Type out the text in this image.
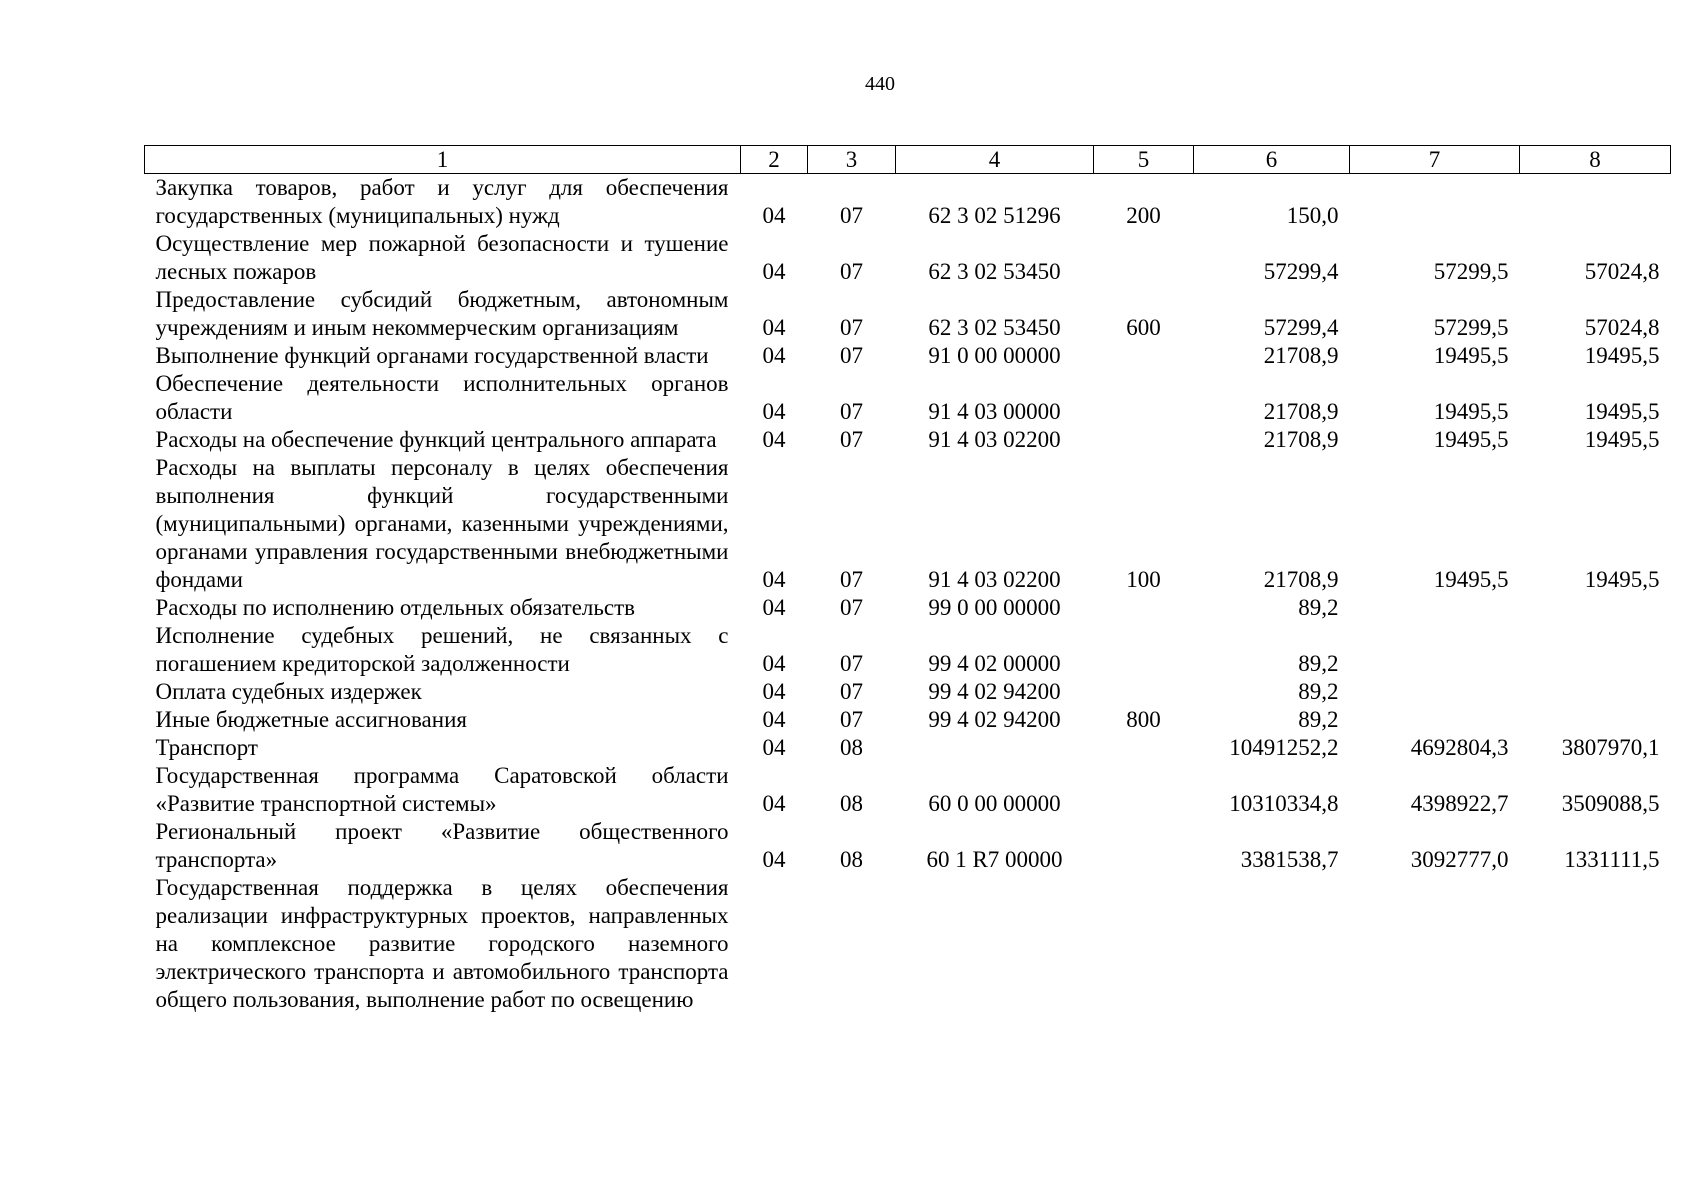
440
1	2	3	4	5	6	7	8
Закупка товаров, работ и услуг для обеспечения государственных (муниципальных) нужд	04	07	62 3 02 51296	200	150,0		
Осуществление мер пожарной безопасности и тушение лесных пожаров	04	07	62 3 02 53450		57299,4	57299,5	57024,8
Предоставление субсидий бюджетным, автономным учреждениям и иным некоммерческим организациям	04	07	62 3 02 53450	600	57299,4	57299,5	57024,8
Выполнение функций органами государственной власти	04	07	91 0 00 00000		21708,9	19495,5	19495,5
Обеспечение деятельности исполнительных органов области	04	07	91 4 03 00000		21708,9	19495,5	19495,5
Расходы на обеспечение функций центрального аппарата	04	07	91 4 03 02200		21708,9	19495,5	19495,5
Расходы на выплаты персоналу в целях обеспечения выполнения функций государственными (муниципальными) органами, казенными учреждениями, органами управления государственными внебюджетными фондами	04	07	91 4 03 02200	100	21708,9	19495,5	19495,5
Расходы по исполнению отдельных обязательств	04	07	99 0 00 00000		89,2		
Исполнение судебных решений, не связанных с погашением кредиторской задолженности	04	07	99 4 02 00000		89,2		
Оплата судебных издержек	04	07	99 4 02 94200		89,2		
Иные бюджетные ассигнования	04	07	99 4 02 94200	800	89,2		
Транспорт	04	08			10491252,2	4692804,3	3807970,1
Государственная программа Саратовской области «Развитие транспортной системы»	04	08	60 0 00 00000		10310334,8	4398922,7	3509088,5
Региональный проект «Развитие общественного транспорта»	04	08	60 1 R7 00000		3381538,7	3092777,0	1331111,5
Государственная поддержка в целях обеспечения реализации инфраструктурных проектов, направленных на комплексное развитие городского наземного электрического транспорта и автомобильного транспорта общего пользования, выполнение работ по освещению							
